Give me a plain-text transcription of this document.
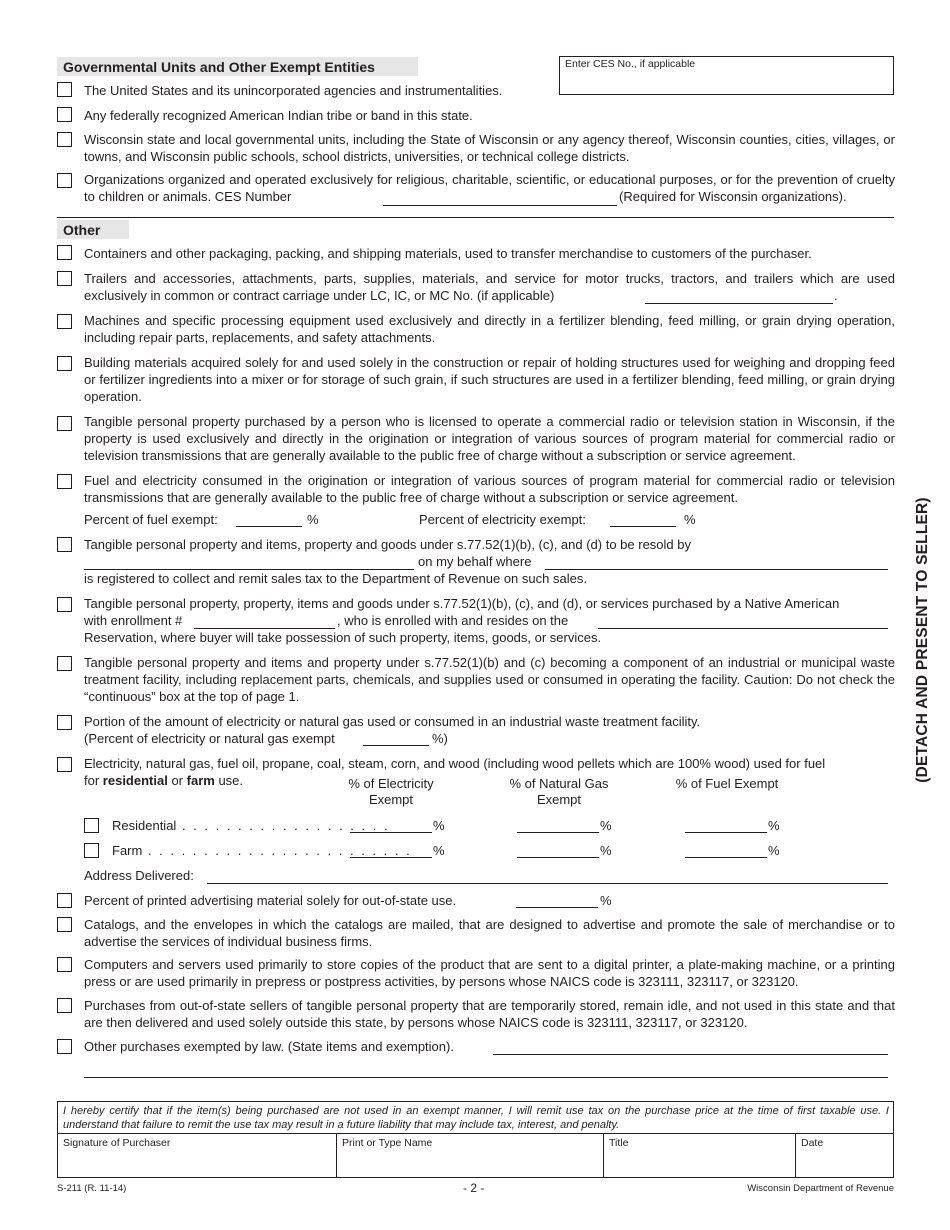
(DETACH AND PRESENT TO SELLER)
Enter CES No., if applicable
Governmental Units and Other Exempt Entities
The United States and its unincorporated agencies and instrumentalities.
Any federally recognized American Indian tribe or band in this state.
Wisconsin state and local governmental units, including the State of Wisconsin or any agency thereof, Wisconsin counties, cities, villages, or towns, and Wisconsin public schools, school districts, universities, or technical college districts.
Organizations organized and operated exclusively for religious, charitable, scientific, or educational purposes, or for the prevention of cruelty to children or animals. CES Number	(Required for Wisconsin organizations).
Other
Containers and other packaging, packing, and shipping materials, used to transfer merchandise to customers of the purchaser.
Trailers and accessories, attachments, parts, supplies, materials, and service for motor trucks, tractors, and trailers which are used exclusively in common or contract carriage under LC, IC, or MC No. (if applicable)	.
Machines and specific processing equipment used exclusively and directly in a fertilizer blending, feed milling, or grain drying operation, including repair parts, replacements, and safety attachments.
Building materials acquired solely for and used solely in the construction or repair of holding structures used for weighing and dropping feed or fertilizer ingredients into a mixer or for storage of such grain, if such structures are used in a fertilizer blending, feed milling, or grain drying operation.
Tangible personal property purchased by a person who is licensed to operate a commercial radio or television station in Wisconsin, if the property is used exclusively and directly in the origination or integration of various sources of program material for commercial radio or television transmissions that are generally available to the public free of charge without a subscription or service agreement.
Fuel and electricity consumed in the origination or integration of various sources of program material for commercial radio or television transmissions that are generally available to the public free of charge without a subscription or service agreement.
Percent of fuel exempt:	%	Percent of electricity exempt:	%
Tangible personal property and items, property and goods under s.77.52(1)(b), (c), and (d) to be resold by
on my behalf where
is registered to collect and remit sales tax to the Department of Revenue on such sales.
Tangible personal property, property, items and goods under s.77.52(1)(b), (c), and (d), or services purchased by a Native American
with enrollment #	, who is enrolled with and resides on the
Reservation, where buyer will take possession of such property, items, goods, or services.
Tangible personal property and items and property under s.77.52(1)(b) and (c) becoming a component of an industrial or municipal waste treatment facility, including replacement parts, chemicals, and supplies used or consumed in operating the facility. Caution: Do not check the “continuous” box at the top of page 1.
Portion of the amount of electricity or natural gas used or consumed in an industrial waste treatment facility.
(Percent of electricity or natural gas exempt	%)
Electricity, natural gas, fuel oil, propane, coal, steam, corn, and wood (including wood pellets which are 100% wood) used for fuel
for residential or farm use.	% of Electricity Exempt
% of Natural Gas Exempt
% of Fuel Exempt
Residential . . . . . . . . . . . . . . . . . . .	%	%	%
Farm . . . . . . . . . . . . . . . . . . . . . . . . %	%	%
Address Delivered:
Percent of printed advertising material solely for out-of-state use.	%
Catalogs, and the envelopes in which the catalogs are mailed, that are designed to advertise and promote the sale of merchandise or to advertise the services of individual business firms.
Computers and servers used primarily to store copies of the product that are sent to a digital printer, a plate-making machine, or a printing press or are used primarily in prepress or postpress activities, by persons whose NAICS code is 323111, 323117, or 323120.
Purchases from out-of-state sellers of tangible personal property that are temporarily stored, remain idle, and not used in this state and that are then delivered and used solely outside this state, by persons whose NAICS code is 323111, 323117, or 323120.
Other purchases exempted by law. (State items and exemption).
I hereby certify that if the item(s) being purchased are not used in an exempt manner, I will remit use tax on the purchase price at the time of first taxable use. I understand that failure to remit the use tax may result in a future liability that may include tax, interest, and penalty.
Signature of Purchaser	Print or Type Name	Title	Date
S-211 (R. 11-14)	- 2 -	Wisconsin Department of Revenue
